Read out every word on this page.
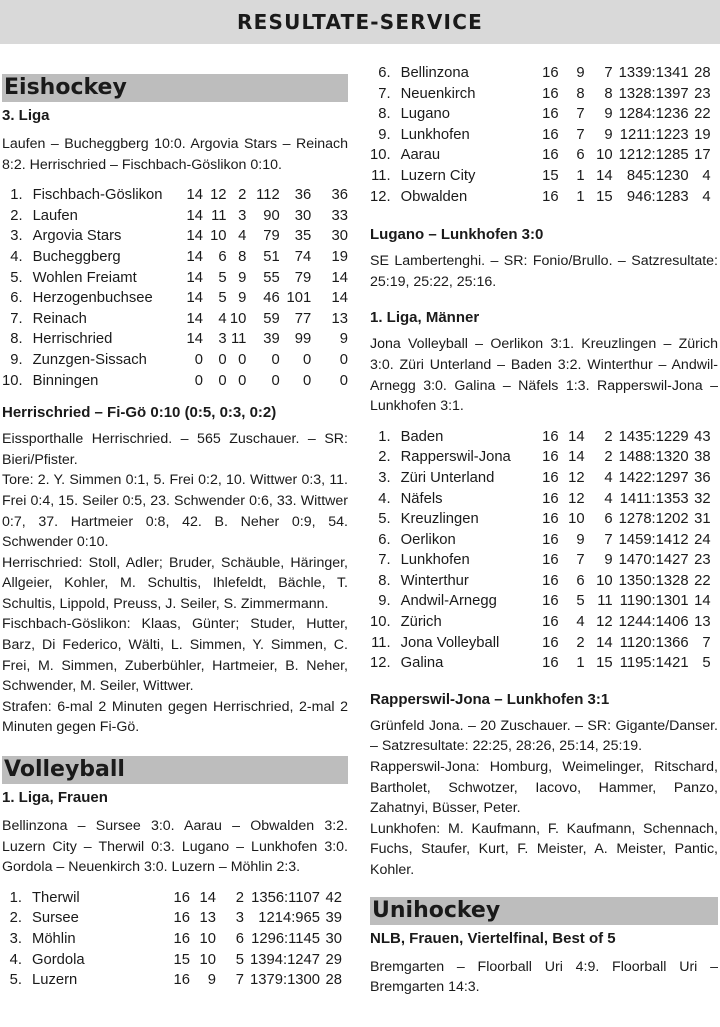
RESULTATE-SERVICE
Eishockey
3. Liga

Laufen – Bucheggberg 10:0. Argovia Stars – Reinach 8:2. Herrischried – Fischbach-Göslikon 0:10.

1.	Fischbach-Göslikon	14	12	2	112	36	36
2.	Laufen	14	11	3	90	30	33
3.	Argovia Stars	14	10	4	79	35	30
4.	Bucheggberg	14	6	8	51	74	19
5.	Wohlen Freiamt	14	5	9	55	79	14
6.	Herzogenbuchsee	14	5	9	46	101	14
7.	Reinach	14	4	10	59	77	13
8.	Herrischried	14	3	11	39	99	9
9.	Zunzgen-Sissach	0	0	0	0	0	0
10.	Binningen	0	0	0	0	0	0
Herrischried – Fi-Gö 0:10 (0:5, 0:3, 0:2)

Eissporthalle Herrischried. – 565 Zuschauer. – SR: Bieri/Pfister.

Tore: 2. Y. Simmen 0:1, 5. Frei 0:2, 10. Wittwer 0:3, 11. Frei 0:4, 15. Seiler 0:5, 23. Schwender 0:6, 33. Wittwer 0:7, 37. Hartmeier 0:8, 42. B. Neher 0:9, 54. Schwender 0:10.

Herrischried: Stoll, Adler; Bruder, Schäuble, Häringer, Allgeier, Kohler, M. Schultis, Ihlefeldt, Bächle, T. Schultis, Lippold, Preuss, J. Seiler, S. Zimmermann.

Fischbach-Göslikon: Klaas, Günter; Studer, Hutter, Barz, Di Federico, Wälti, L. Simmen, Y. Simmen, C. Frei, M. Simmen, Zuberbühler, Hartmeier, B. Neher, Schwender, M. Seiler, Wittwer.

Strafen: 6-mal 2 Minuten gegen Herrischried, 2-mal 2 Minuten gegen Fi-Gö.

Volleyball
1. Liga, Frauen

Bellinzona – Sursee 3:0. Aarau – Obwalden 3:2. Luzern City – Therwil 0:3. Lugano – Lunkhofen 3:0. Gordola – Neuenkirch 3:0. Luzern – Möhlin 2:3.

1.	Therwil	16	14	2	1356:1107	42
2.	Sursee	16	13	3	1214:965	39
3.	Möhlin	16	10	6	1296:1145	30
4.	Gordola	15	10	5	1394:1247	29
5.	Luzern	16	9	7	1379:1300	28
6.	Bellinzona	16	9	7	1339:1341	28
7.	Neuenkirch	16	8	8	1328:1397	23
8.	Lugano	16	7	9	1284:1236	22
9.	Lunkhofen	16	7	9	1211:1223	19
10.	Aarau	16	6	10	1212:1285	17
11.	Luzern City	15	1	14	845:1230	4
12.	Obwalden	16	1	15	946:1283	4
Lugano – Lunkhofen 3:0

SE Lambertenghi. – SR: Fonio/Brullo. – Satzresultate: 25:19, 25:22, 25:16.

1. Liga, Männer

Jona Volleyball – Oerlikon 3:1. Kreuzlingen – Zürich 3:0. Züri Unterland – Baden 3:2. Winterthur – Andwil-Arnegg 3:0. Galina – Näfels 1:3. Rapperswil-Jona – Lunkhofen 3:1.

1.	Baden	16	14	2	1435:1229	43
2.	Rapperswil-Jona	16	14	2	1488:1320	38
3.	Züri Unterland	16	12	4	1422:1297	36
4.	Näfels	16	12	4	1411:1353	32
5.	Kreuzlingen	16	10	6	1278:1202	31
6.	Oerlikon	16	9	7	1459:1412	24
7.	Lunkhofen	16	7	9	1470:1427	23
8.	Winterthur	16	6	10	1350:1328	22
9.	Andwil-Arnegg	16	5	11	1190:1301	14
10.	Zürich	16	4	12	1244:1406	13
11.	Jona Volleyball	16	2	14	1120:1366	7
12.	Galina	16	1	15	1195:1421	5
Rapperswil-Jona – Lunkhofen 3:1

Grünfeld Jona. – 20 Zuschauer. – SR: Gigante/Danser. – Satzresultate: 22:25, 28:26, 25:14, 25:19.

Rapperswil-Jona: Homburg, Weimelinger, Ritschard, Bartholet, Schwotzer, Iacovo, Hammer, Panzo, Zahatnyi, Büsser, Peter.

Lunkhofen: M. Kaufmann, F. Kaufmann, Schennach, Fuchs, Staufer, Kurt, F. Meister, A. Meister, Pantic, Kohler.

Unihockey
NLB, Frauen, Viertelfinal, Best of 5

Bremgarten – Floorball Uri 4:9. Floorball Uri – Bremgarten 14:3.
